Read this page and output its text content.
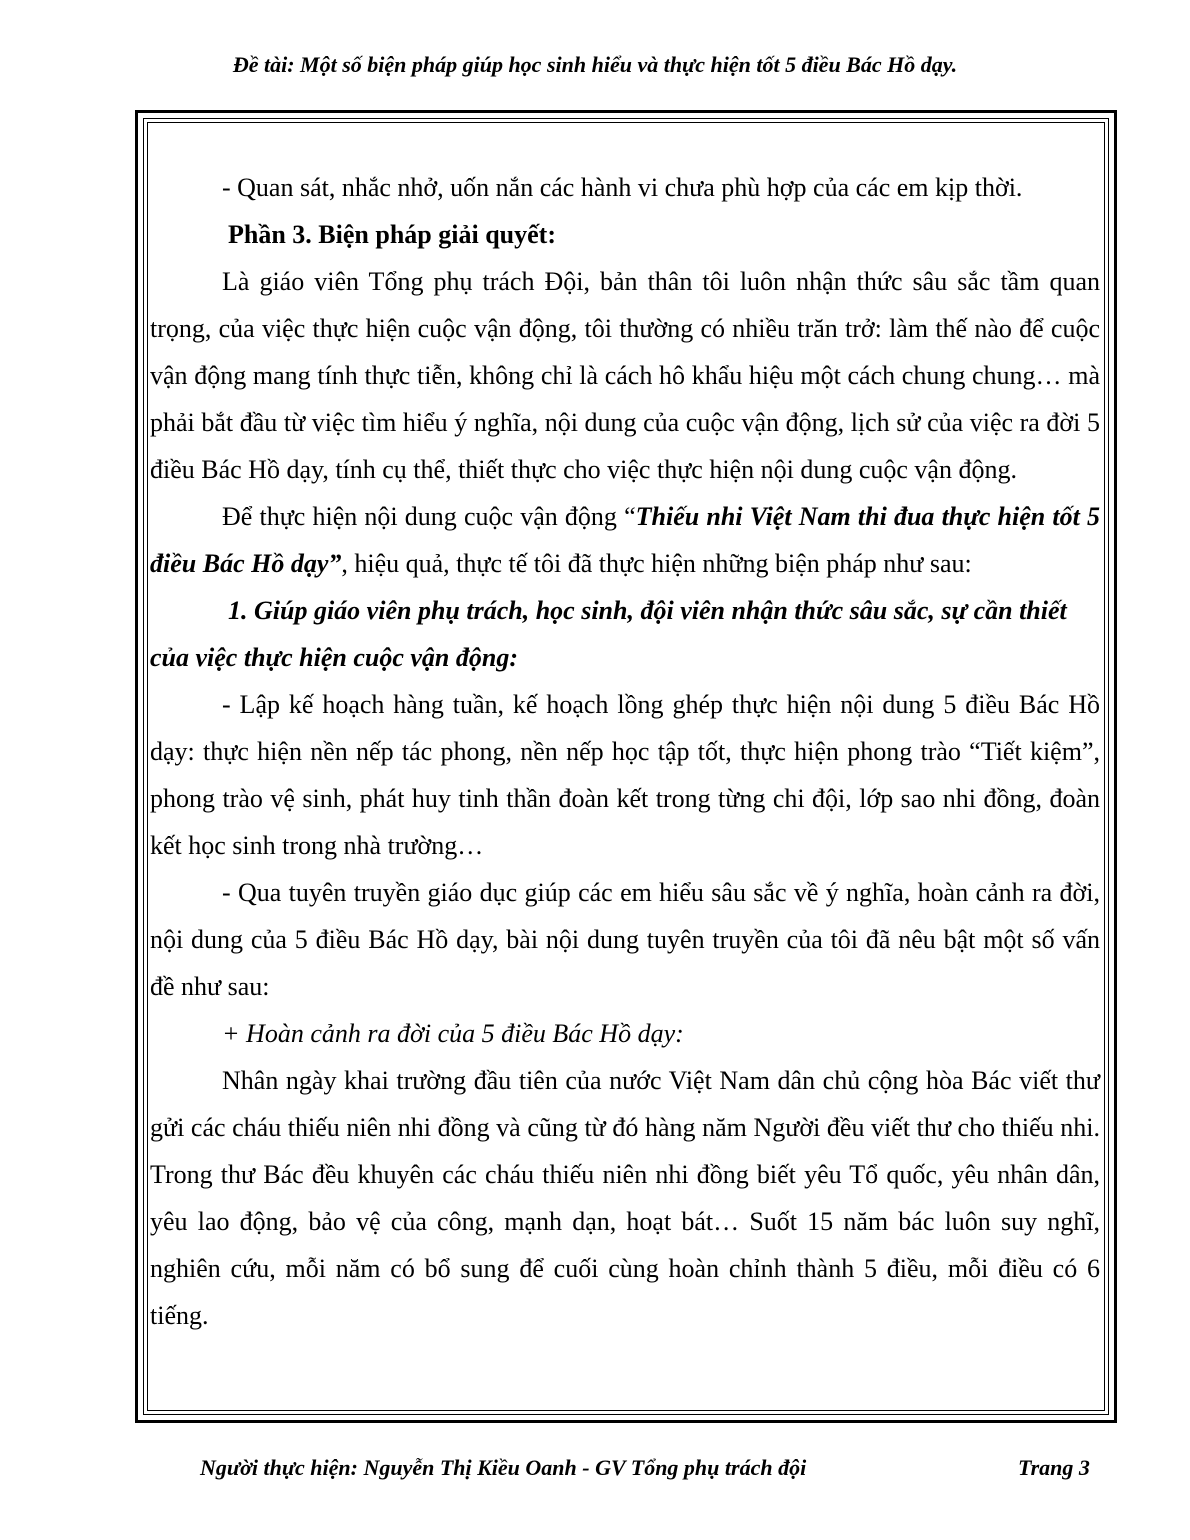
Đề tài: Một số biện pháp giúp học sinh hiểu và thực hiện tốt 5 điều Bác Hồ dạy.

- Quan sát, nhắc nhở, uốn nắn các hành vi chưa phù hợp của các em kịp thời.

Phần 3. Biện pháp giải quyết:

Là giáo viên Tổng phụ trách Đội, bản thân tôi luôn nhận thức sâu sắc tầm quan trọng, của việc thực hiện cuộc vận động, tôi thường có nhiều trăn trở: làm thế nào để cuộc vận động mang tính thực tiễn, không chỉ là cách hô khẩu hiệu một cách chung chung… mà phải bắt đầu từ việc tìm hiểu ý nghĩa, nội dung của cuộc vận động, lịch sử của việc ra đời 5 điều Bác Hồ dạy, tính cụ thể, thiết thực cho việc thực hiện nội dung cuộc vận động.

Để thực hiện nội dung cuộc vận động “Thiếu nhi Việt Nam thi đua thực hiện tốt 5 điều Bác Hồ dạy”, hiệu quả, thực tế tôi đã thực hiện những biện pháp như sau:

1. Giúp giáo viên phụ trách, học sinh, đội viên nhận thức sâu sắc, sự cần thiết của việc thực hiện cuộc vận động:

- Lập kế hoạch hàng tuần, kế hoạch lồng ghép thực hiện nội dung 5 điều Bác Hồ dạy: thực hiện nền nếp tác phong, nền nếp học tập tốt, thực hiện phong trào “Tiết kiệm”, phong trào vệ sinh, phát huy tinh thần đoàn kết trong từng chi đội, lớp sao nhi đồng, đoàn kết học sinh trong nhà trường…

- Qua tuyên truyền giáo dục giúp các em hiểu sâu sắc về ý nghĩa, hoàn cảnh ra đời, nội dung của 5 điều Bác Hồ dạy, bài nội dung tuyên truyền của tôi đã nêu bật một số vấn đề như sau:

+ Hoàn cảnh ra đời của 5 điều Bác Hồ dạy:

Nhân ngày khai trường đầu tiên của nước Việt Nam dân chủ cộng hòa Bác viết thư gửi các cháu thiếu niên nhi đồng và cũng từ đó hàng năm Người đều viết thư cho thiếu nhi. Trong thư Bác đều khuyên các cháu thiếu niên nhi đồng biết yêu Tổ quốc, yêu nhân dân, yêu lao động, bảo vệ của công, mạnh dạn, hoạt bát… Suốt 15 năm bác luôn suy nghĩ, nghiên cứu, mỗi năm có bổ sung để cuối cùng hoàn chỉnh thành 5 điều, mỗi điều có 6 tiếng.

Người thực hiện: Nguyễn Thị Kiều Oanh - GV Tổng phụ trách đội	Trang 3
